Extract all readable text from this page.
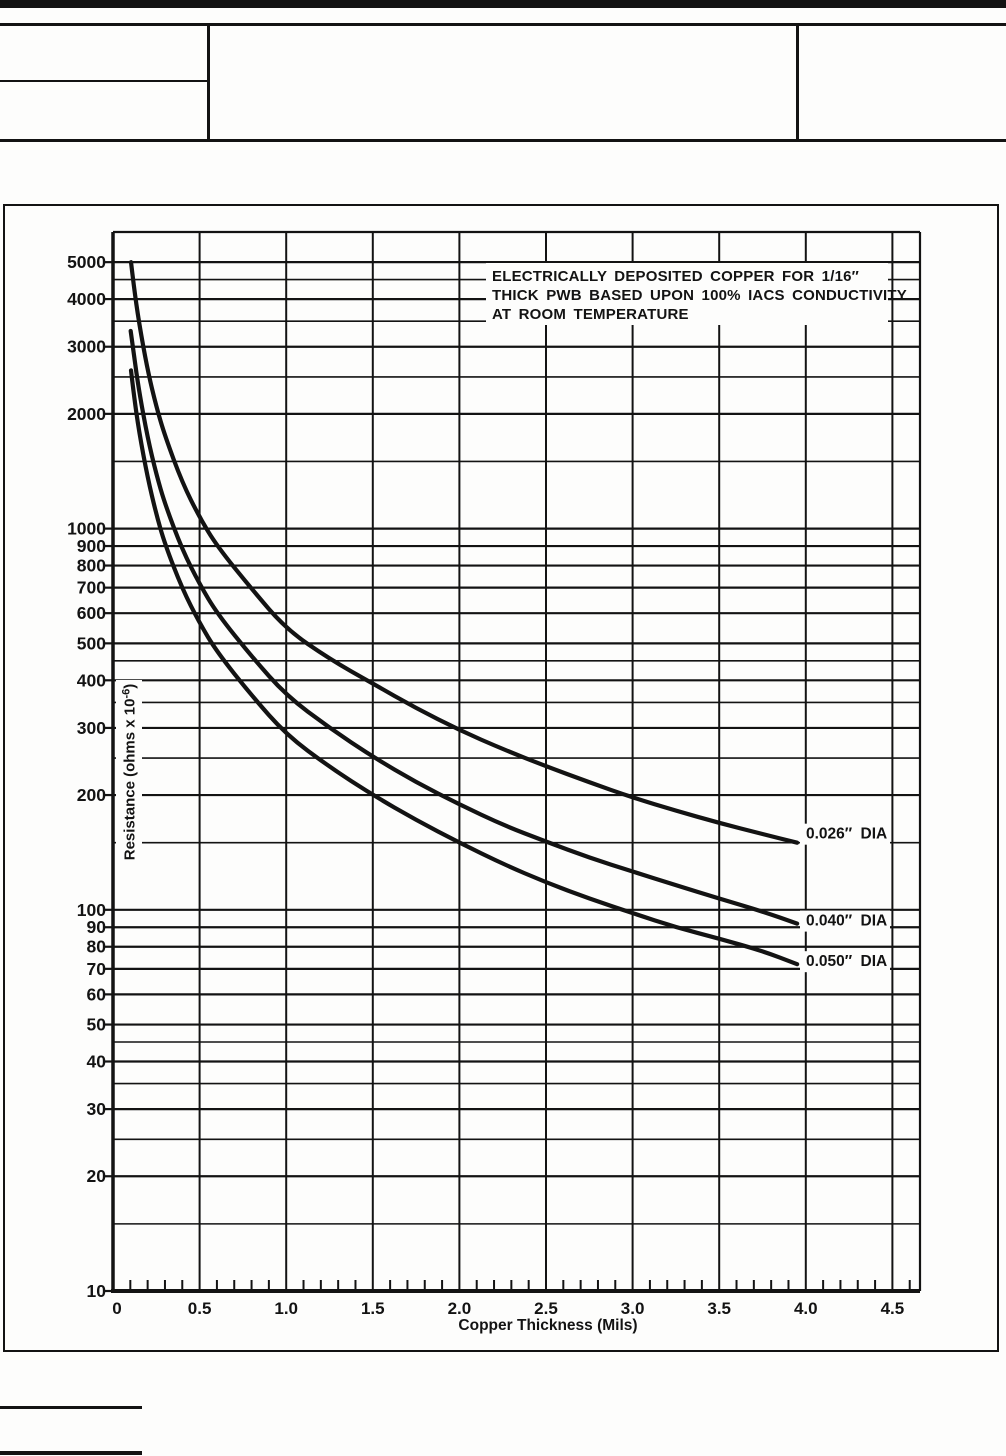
ELECTRICALLY DEPOSITED COPPER FOR 1/16″
THICK PWB BASED UPON 100% IACS CONDUCTIVITY
AT ROOM TEMPERATURE
Resistance (ohms x $10^{-6}$)
0.026″ DIA
0.040″ DIA
0.050″ DIA
10
20
30
40
50
60
70
80
90
100
200
300
400
500
600
700
800
900
1000
2000
3000
4000
5000
0	0.5	1.0	1.5	2.0	2.5	3.0	3.5	4.0	4.5
Copper Thickness (Mils)
